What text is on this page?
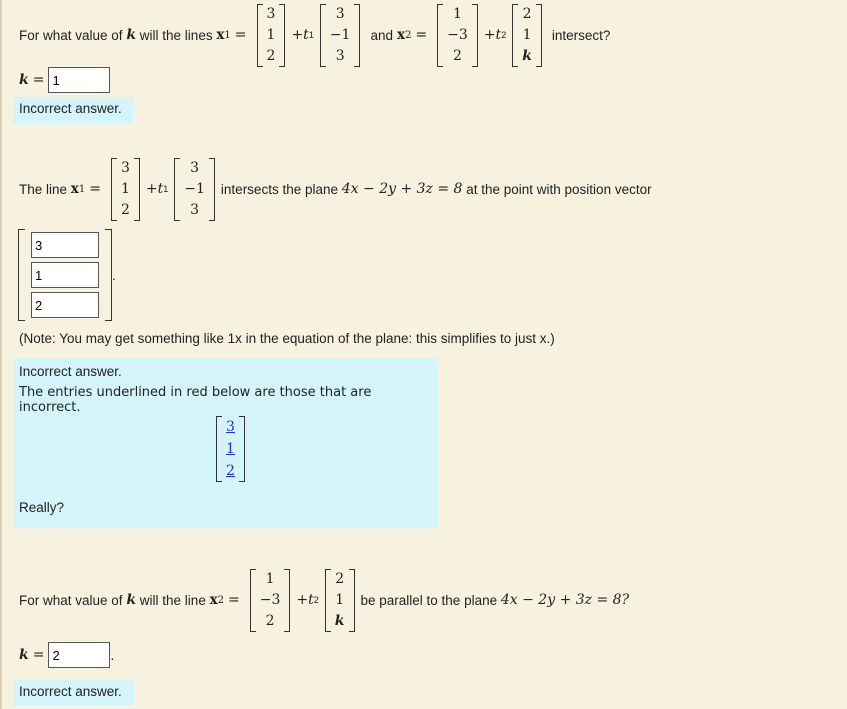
For what value of
k
will the lines
x 1 =
3
1
2
+ t 1
3
−1
3
and x 2 =
1
−3
2
+ t 2
2
1
k
intersect?
k =
1
Incorrect answer.
The line
x 1 =
3
1
2
+ t 1
3
−1
3
intersects the plane
4x − 2y + 3z = 8
at the point with position vector
3
1
2
.
(Note: You may get something like 1x in the equation of the plane: this simplifies to just x.)
Incorrect answer.
The entries underlined in red below are those that are incorrect.
3
1
2
Really?
For what value of
k
will the line
x 2 =
1
−3
2
+ t 2
2
1
k
be parallel to the plane
4x − 2y + 3z = 8?
k =
2	.
Incorrect answer.
